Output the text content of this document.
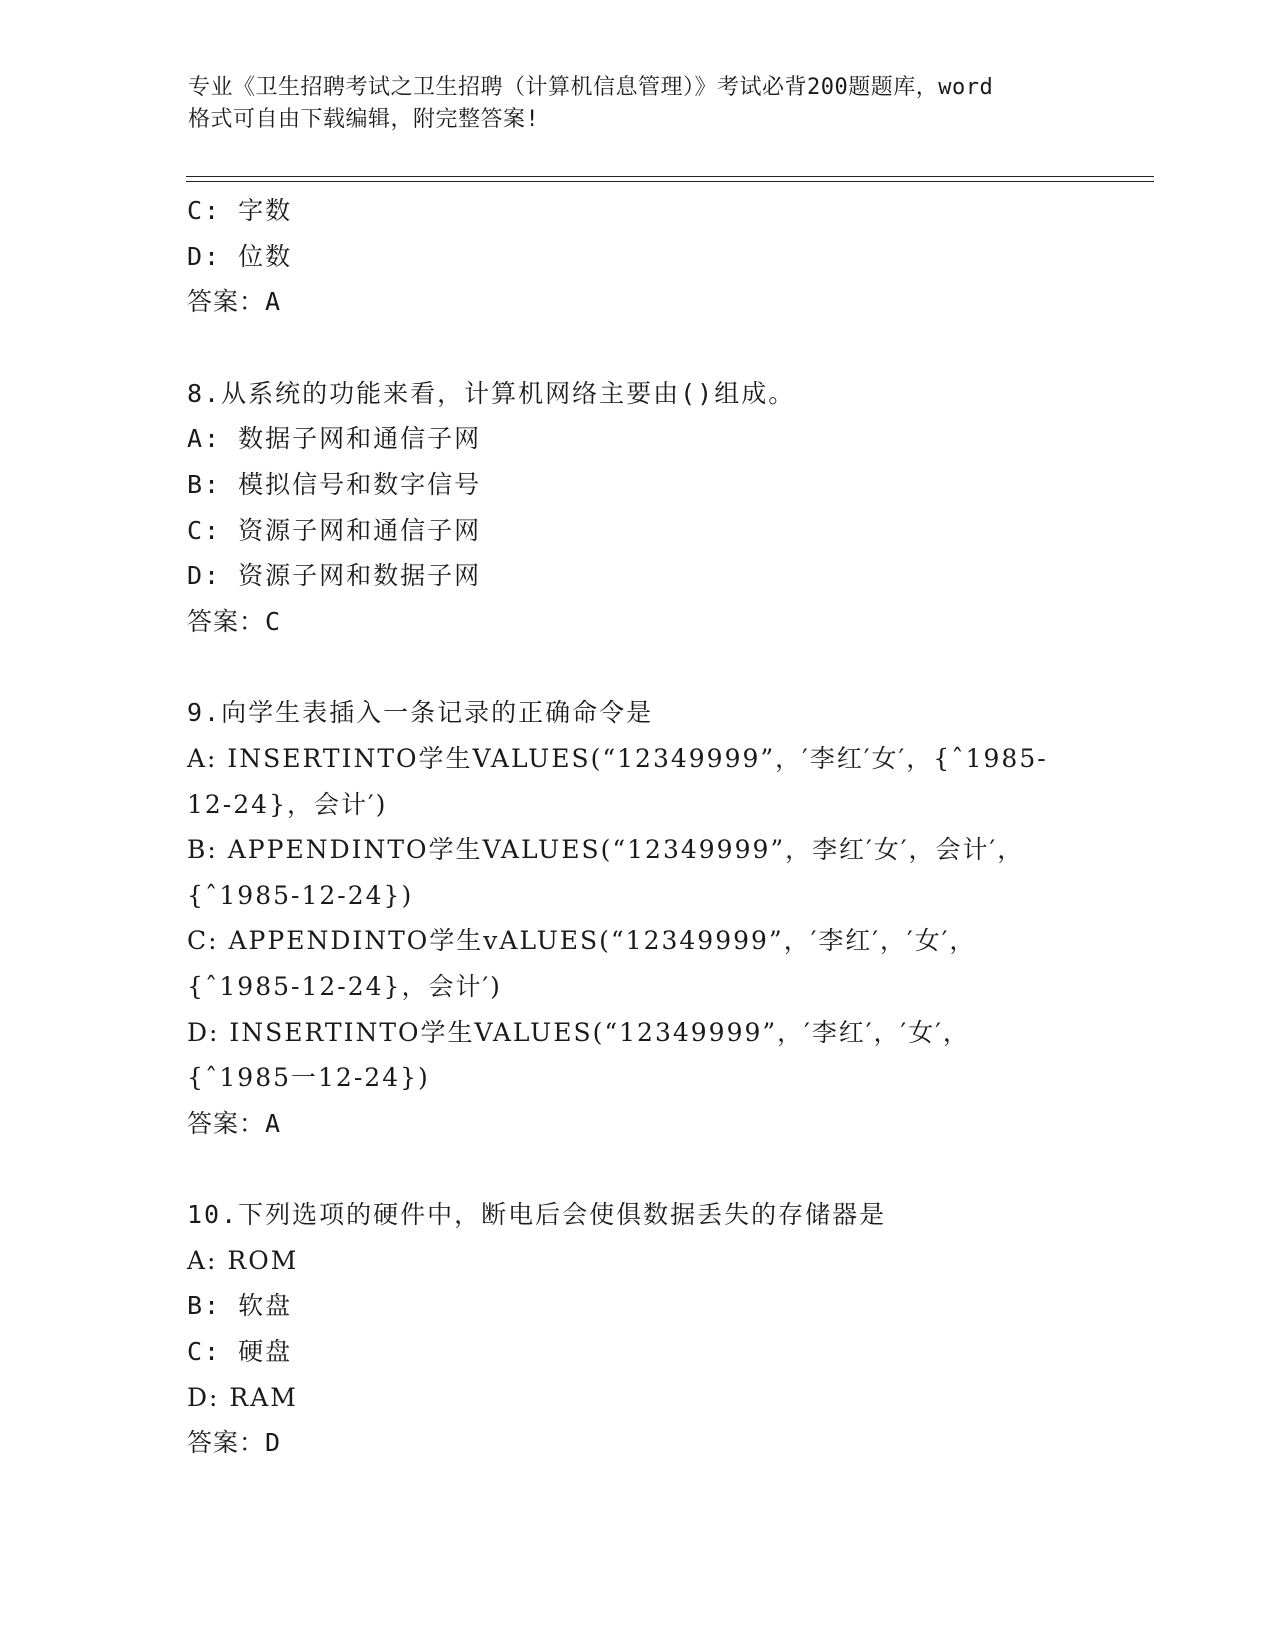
专业《卫生招聘考试之卫生招聘（计算机信息管理）》考试必背200题题库，word
格式可自由下载编辑，附完整答案!
C: 字数
D: 位数
答案：A
8.从系统的功能来看，计算机网络主要由()组成。
A: 数据子网和通信子网
B: 模拟信号和数字信号
C: 资源子网和通信子网
D: 资源子网和数据子网
答案：C
9.向学生表插入一条记录的正确命令是
A: INSERTINTO学生VALUES(“12349999”，′李红′女′，{ˆ1985-
12-24}，会计′)
B: APPENDINTO学生VALUES(“12349999”，李红′女′，会计′，
{ˆ1985-12-24})
C: APPENDINTO学生vALUES(“12349999”，′李红′，′女′，
{ˆ1985-12-24}，会计′)
D: INSERTINTO学生VALUES(“12349999”，′李红′，′女′，
{ˆ1985一12-24})
答案：A
10.下列选项的硬件中，断电后会使俱数据丢失的存储器是
A: ROM
B: 软盘
C: 硬盘
D: RAM
答案：D
